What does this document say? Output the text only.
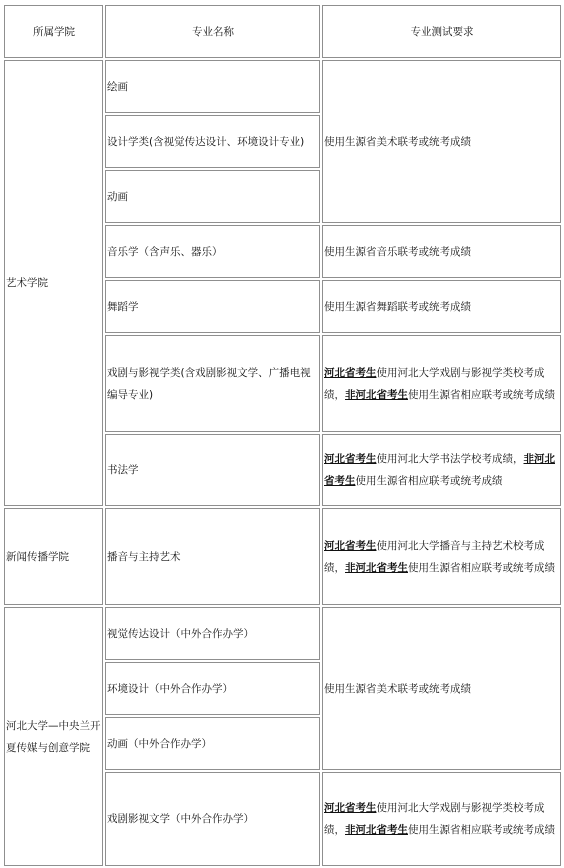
所属学院	专业名称	专业测试要求
艺术学院	绘画	使用生源省美术联考或统考成绩
	设计学类(含视觉传达设计、环境设计专业)	
	动画	
	音乐学（含声乐、器乐）	使用生源省音乐联考或统考成绩
	舞蹈学	使用生源省舞蹈联考或统考成绩
	戏剧与影视学类(含戏剧影视文学、广播电视编导专业)	河北省考生使用河北大学戏剧与影视学类校考成绩，非河北省考生使用生源省相应联考或统考成绩
	书法学	河北省考生使用河北大学书法学校考成绩，非河北省考生使用生源省相应联考或统考成绩
新闻传播学院	播音与主持艺术	河北省考生使用河北大学播音与主持艺术校考成绩，非河北省考生使用生源省相应联考或统考成绩
河北大学—中央兰开夏传媒与创意学院	视觉传达设计（中外合作办学）	使用生源省美术联考或统考成绩
	环境设计（中外合作办学）	
	动画（中外合作办学）	
	戏剧影视文学（中外合作办学）	河北省考生使用河北大学戏剧与影视学类校考成绩，非河北省考生使用生源省相应联考或统考成绩
